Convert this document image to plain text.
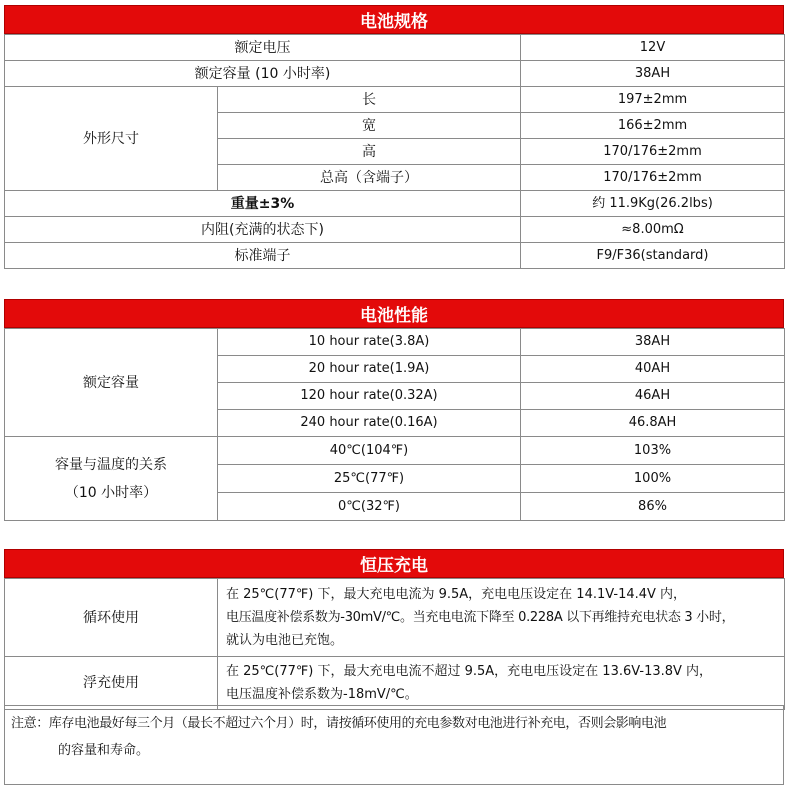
电池规格
额定电压		12V
额定容量 (10 小时率)		38AH
外形尺寸	长	197±2mm
	宽	166±2mm
	高	170/176±2mm
	总高（含端子）	170/176±2mm
重量±3%		约 11.9Kg(26.2lbs)
内阻(充满的状态下)		≈8.00mΩ
标准端子		F9/F36(standard)
电池性能
额定容量	10 hour rate(3.8A)	38AH
	20 hour rate(1.9A)	40AH
	120 hour rate(0.32A)	46AH
	240 hour rate(0.16A)	46.8AH

容量与温度的关系
（10 小时率）	40℃(104℉)	103%
	25℃(77℉)	100%
	0℃(32℉)	86%
恒压充电
循环使用	在 25℃(77℉) 下，最大充电电流为 9.5A，充电电压设定在 14.1V-14.4V 内，
电压温度补偿系数为-30mV/℃。当充电电流下降至 0.228A 以下再维持充电状态 3 小时，
就认为电池已充饱。

浮充使用	在 25℃(77℉) 下，最大充电电流不超过 9.5A，充电电压设定在 13.6V-13.8V 内，
电压温度补偿系数为-18mV/℃。
注意：库存电池最好每三个月（最长不超过六个月）时，请按循环使用的充电参数对电池进行补充电，否则会影响电池
的容量和寿命。
